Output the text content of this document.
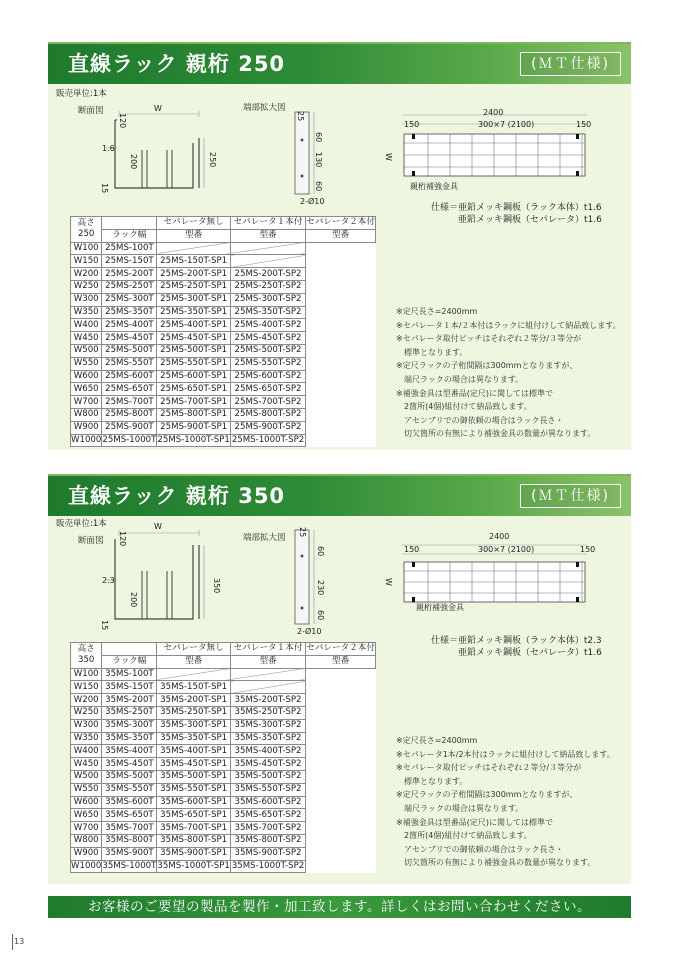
直線ラック 親桁 250	(ＭＴ仕様)
販売単位:1本
断面図	端部拡大図
W
120
1.6
200	250
15
25
60
130
60
2-Ø10
2400
150	300×7 (2100)	150
W
親桁補強金具
仕様＝亜鉛メッキ鋼板（ラック本体）t1.6
亜鉛メッキ鋼板（セパレータ）t1.6
高さ
250		セパレータ無し	セパレータ１本付	セパレータ２本付
	ラック幅	型番	型番	型番
W100	25MS-100T			
W150	25MS-150T	25MS-150T-SP1		
W200	25MS-200T	25MS-200T-SP1	25MS-200T-SP2	
W250	25MS-250T	25MS-250T-SP1	25MS-250T-SP2	
W300	25MS-300T	25MS-300T-SP1	25MS-300T-SP2	
W350	25MS-350T	25MS-350T-SP1	25MS-350T-SP2	
W400	25MS-400T	25MS-400T-SP1	25MS-400T-SP2	
W450	25MS-450T	25MS-450T-SP1	25MS-450T-SP2	
W500	25MS-500T	25MS-500T-SP1	25MS-500T-SP2	
W550	25MS-550T	25MS-550T-SP1	25MS-550T-SP2	
W600	25MS-600T	25MS-600T-SP1	25MS-600T-SP2	
W650	25MS-650T	25MS-650T-SP1	25MS-650T-SP2	
W700	25MS-700T	25MS-700T-SP1	25MS-700T-SP2	
W800	25MS-800T	25MS-800T-SP1	25MS-800T-SP2	
W900	25MS-900T	25MS-900T-SP1	25MS-900T-SP2	
W1000	25MS-1000T	25MS-1000T-SP1	25MS-1000T-SP2	
※定尺長さ=2400mm
※セパレータ１本/２本付はラックに組付けして納品致します。
※セパレータ取付ピッチはそれぞれ２等分/３等分が
　標準となります。
※定尺ラックの子桁間隔は300mmとなりますが、
　端尺ラックの場合は異なります。
※補強金具は型番品(定尺)に関しては標準で
　2箇所(4個)組付けて納品致します。
　アセンブリでの御依頼の場合はラック長さ・
　切欠箇所の有無により補強金具の数量が異なります。
直線ラック 親桁 350	(ＭＴ仕様)
販売単位:1本
断面図	端部拡大図
W
120
2.3
200
350
15
25
60
230
60
2-Ø10
2400
150	300×7 (2100)	150
W
親桁補強金具
仕様＝亜鉛メッキ鋼板（ラック本体）t2.3
亜鉛メッキ鋼板（セパレータ）t1.6
高さ
350		セパレータ無し	セパレータ１本付	セパレータ２本付
	ラック幅	型番	型番	型番
W100	35MS-100T			
W150	35MS-150T	35MS-150T-SP1		
W200	35MS-200T	35MS-200T-SP1	35MS-200T-SP2	
W250	35MS-250T	35MS-250T-SP1	35MS-250T-SP2	
W300	35MS-300T	35MS-300T-SP1	35MS-300T-SP2	
W350	35MS-350T	35MS-350T-SP1	35MS-350T-SP2	
W400	35MS-400T	35MS-400T-SP1	35MS-400T-SP2	
W450	35MS-450T	35MS-450T-SP1	35MS-450T-SP2	
W500	35MS-500T	35MS-500T-SP1	35MS-500T-SP2	
W550	35MS-550T	35MS-550T-SP1	35MS-550T-SP2	
W600	35MS-600T	35MS-600T-SP1	35MS-600T-SP2	
W650	35MS-650T	35MS-650T-SP1	35MS-650T-SP2	
W700	35MS-700T	35MS-700T-SP1	35MS-700T-SP2	
W800	35MS-800T	35MS-800T-SP1	35MS-800T-SP2	
W900	35MS-900T	35MS-900T-SP1	35MS-900T-SP2	
W1000	35MS-1000T	35MS-1000T-SP1	35MS-1000T-SP2	
※定尺長さ=2400mm
※セパレータ1本/2本付はラックに組付けして納品致します。
※セパレータ取付ピッチはそれぞれ２等分/３等分が
　標準となります。
※定尺ラックの子桁間隔は300mmとなりますが、
　端尺ラックの場合は異なります。
※補強金具は型番品(定尺)に関しては標準で
　2箇所(4個)組付けて納品致します。
　アセンブリでの御依頼の場合はラック長さ・
　切欠箇所の有無により補強金具の数量が異なります。
お客様のご要望の製品を製作・加工致します。詳しくはお問い合わせください。
13
